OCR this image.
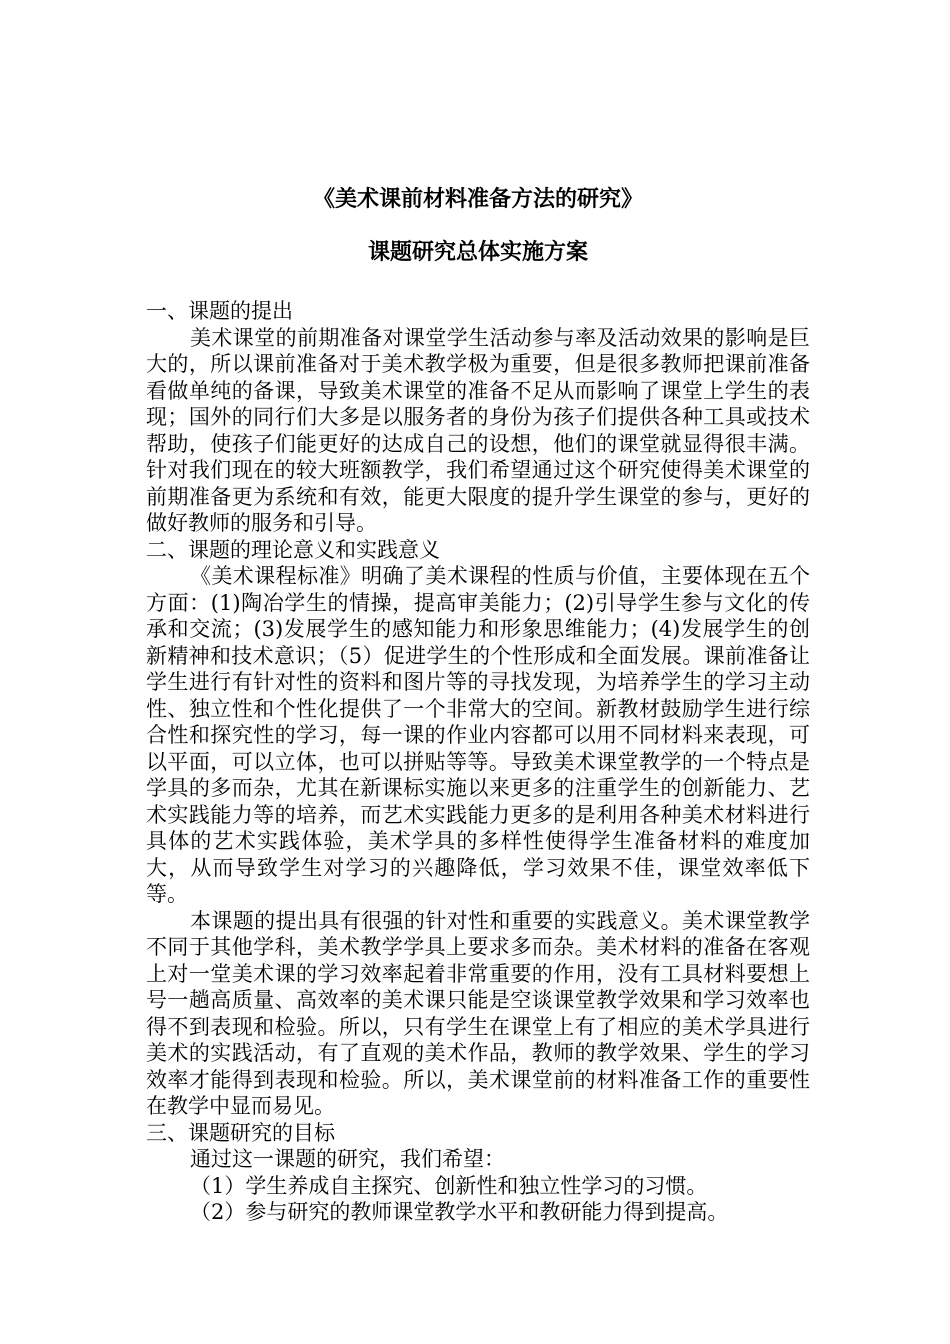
《美术课前材料准备方法的研究》
课题研究总体实施方案

一、课题的提出

美术课堂的前期准备对课堂学生活动参与率及活动效果的影响是巨大的，所以课前准备对于美术教学极为重要，但是很多教师把课前准备看做单纯的备课，导致美术课堂的准备不足从而影响了课堂上学生的表现；国外的同行们大多是以服务者的身份为孩子们提供各种工具或技术帮助，使孩子们能更好的达成自己的设想，他们的课堂就显得很丰满。针对我们现在的较大班额教学，我们希望通过这个研究使得美术课堂的前期准备更为系统和有效，能更大限度的提升学生课堂的参与，更好的做好教师的服务和引导。

二、课题的理论意义和实践意义

《美术课程标准》明确了美术课程的性质与价值，主要体现在五个方面：(1)陶冶学生的情操，提高审美能力；(2)引导学生参与文化的传承和交流；(3)发展学生的感知能力和形象思维能力；(4)发展学生的创新精神和技术意识；（5）促进学生的个性形成和全面发展。课前准备让学生进行有针对性的资料和图片等的寻找发现，为培养学生的学习主动性、独立性和个性化提供了一个非常大的空间。新教材鼓励学生进行综合性和探究性的学习，每一课的作业内容都可以用不同材料来表现，可以平面，可以立体，也可以拼贴等等。导致美术课堂教学的一个特点是学具的多而杂，尤其在新课标实施以来更多的注重学生的创新能力、艺术实践能力等的培养，而艺术实践能力更多的是利用各种美术材料进行具体的艺术实践体验，美术学具的多样性使得学生准备材料的难度加大，从而导致学生对学习的兴趣降低，学习效果不佳，课堂效率低下等。

本课题的提出具有很强的针对性和重要的实践意义。美术课堂教学不同于其他学科，美术教学学具上要求多而杂。美术材料的准备在客观上对一堂美术课的学习效率起着非常重要的作用，没有工具材料要想上号一趟高质量、高效率的美术课只能是空谈课堂教学效果和学习效率也得不到表现和检验。所以，只有学生在课堂上有了相应的美术学具进行美术的实践活动，有了直观的美术作品，教师的教学效果、学生的学习效率才能得到表现和检验。所以，美术课堂前的材料准备工作的重要性在教学中显而易见。

三、课题研究的目标

通过这一课题的研究，我们希望：

（1）学生养成自主探究、创新性和独立性学习的习惯。

（2）参与研究的教师课堂教学水平和教研能力得到提高。
